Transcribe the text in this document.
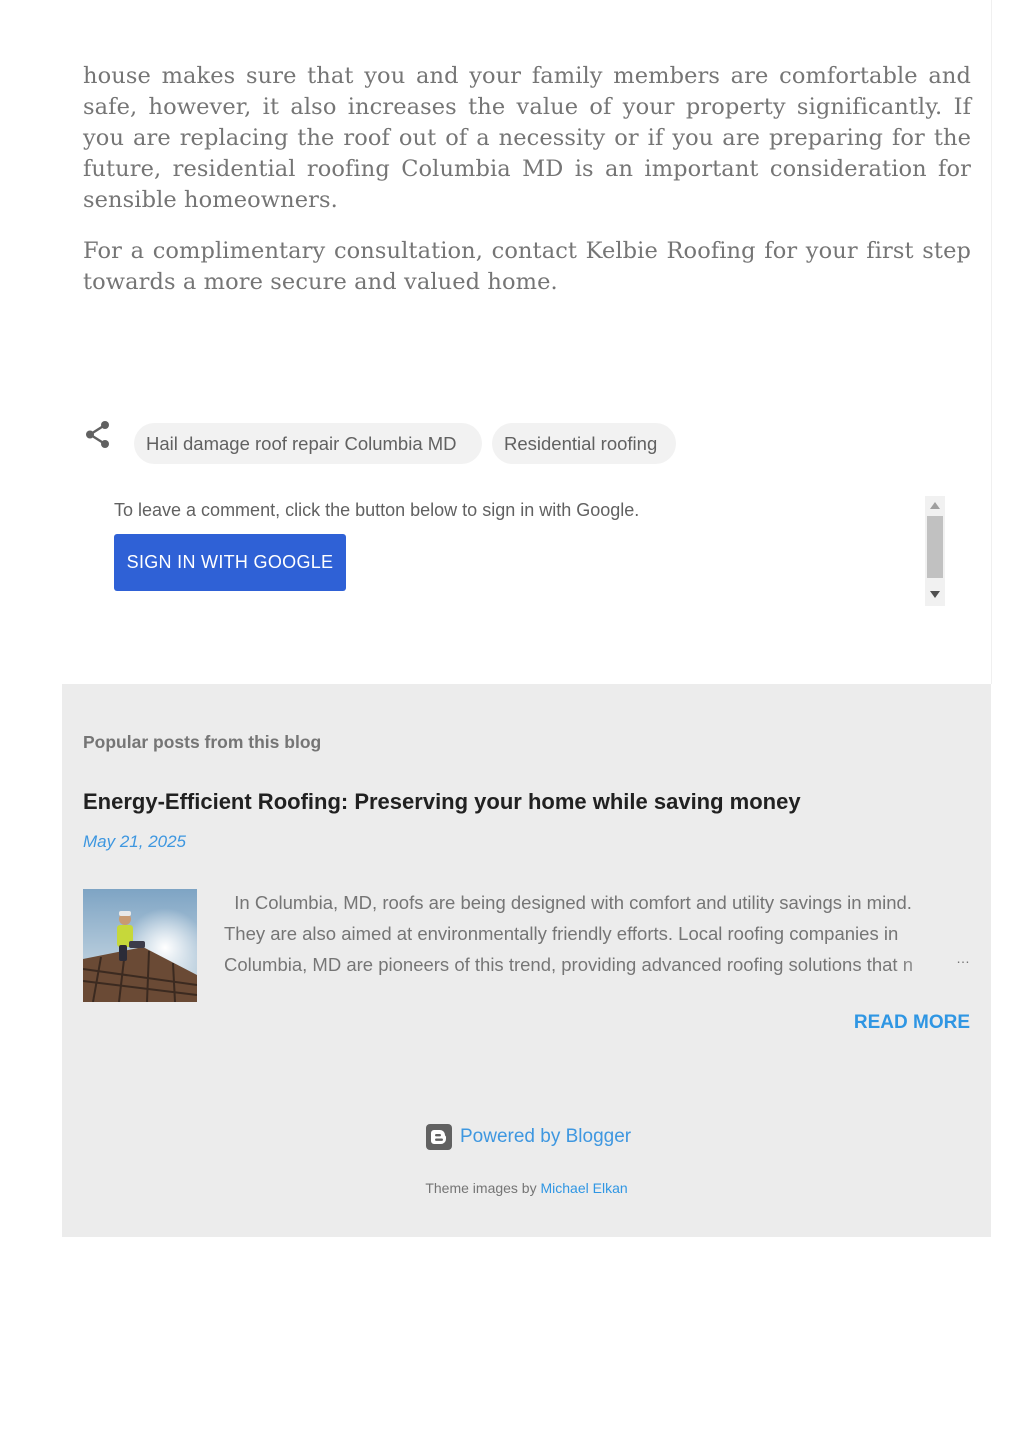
house makes sure that you and your family members are comfortable and safe, however, it also increases the value of your property significantly. If you are replacing the roof out of a necessity or if you are preparing for the future, residential roofing Columbia MD is an important consideration for sensible homeowners.

For a complimentary consultation, contact Kelbie Roofing for your first step towards a more secure and valued home.

Hail damage roof repair Columbia MD	Residential roofing
To leave a comment, click the button below to sign in with Google.
SIGN IN WITH GOOGLE
Popular posts from this blog
Energy-Efficient Roofing: Preserving your home while saving money
May 21, 2025

In Columbia, MD, roofs are being designed with comfort and utility savings in mind.
They are also aimed at environmentally friendly efforts. Local roofing companies in
Columbia, MD are pioneers of this trend, providing advanced roofing solutions that n	…
READ MORE
Powered by Blogger
Theme images by Michael Elkan
